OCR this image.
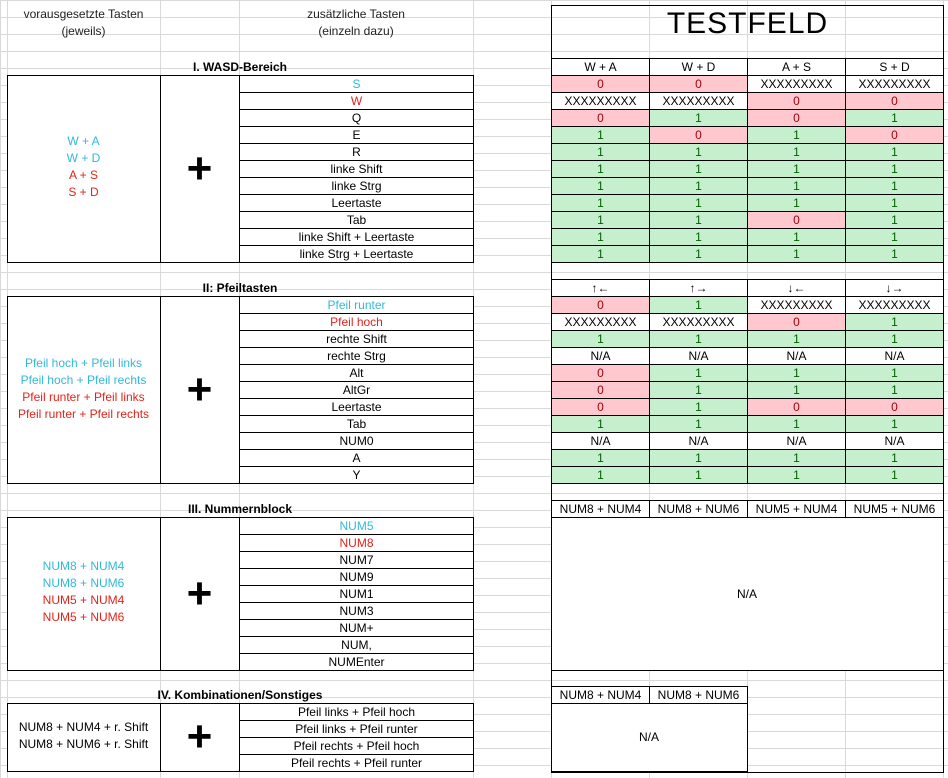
vorausgesetzte Tasten
(jeweils)
zusätzliche Tasten
(einzeln dazu)	TESTFELD
I. WASD-Bereich
W + A
W + D
A + S
S + D	+
S
W
Q
E
R
linke Shift
linke Strg
Leertaste
Tab
linke Shift + Leertaste
linke Strg + Leertaste
II: Pfeiltasten
Pfeil hoch + Pfeil links
Pfeil hoch + Pfeil rechts
Pfeil runter + Pfeil links
Pfeil runter + Pfeil rechts
+
Pfeil runter
Pfeil hoch
rechte Shift
rechte Strg
Alt
AltGr
Leertaste
Tab
NUM0
A
Y
III. Nummernblock
NUM8 + NUM4
NUM8 + NUM6
NUM5 + NUM4
NUM5 + NUM6	+
NUM5
NUM8
NUM7
NUM9
NUM1
NUM3
NUM+
NUM,
NUMEnter
IV. Kombinationen/Sonstiges
NUM8 + NUM4 + r. Shift
NUM8 + NUM6 + r. Shift +	Pfeil links + Pfeil hoch
Pfeil links + Pfeil runter
Pfeil rechts + Pfeil hoch
Pfeil rechts + Pfeil runter
W + A	W + D	A + S	S + D
0	0	XXXXXXXXX	XXXXXXXXX
XXXXXXXXX	XXXXXXXXX	0	0
0	1	0	1
1	0	1	0
1	1	1	1
1	1	1	1
1	1	1	1
1	1	1	1
1	1	0	1
1	1	1	1
1	1	1	1
↑←	↑→	↓←	↓→
0	1	XXXXXXXXX	XXXXXXXXX
XXXXXXXXX	XXXXXXXXX	0	1
1	1	1	1
N/A	N/A	N/A	N/A
0	1	1	1
0	1	1	1
0	1	0	0
1	1	1	1
N/A	N/A	N/A	N/A
1	1	1	1
1	1	1	1
NUM8 + NUM4	NUM8 + NUM6	NUM5 + NUM4	NUM5 + NUM6
N/A
NUM8 + NUM4	NUM8 + NUM6
N/A
